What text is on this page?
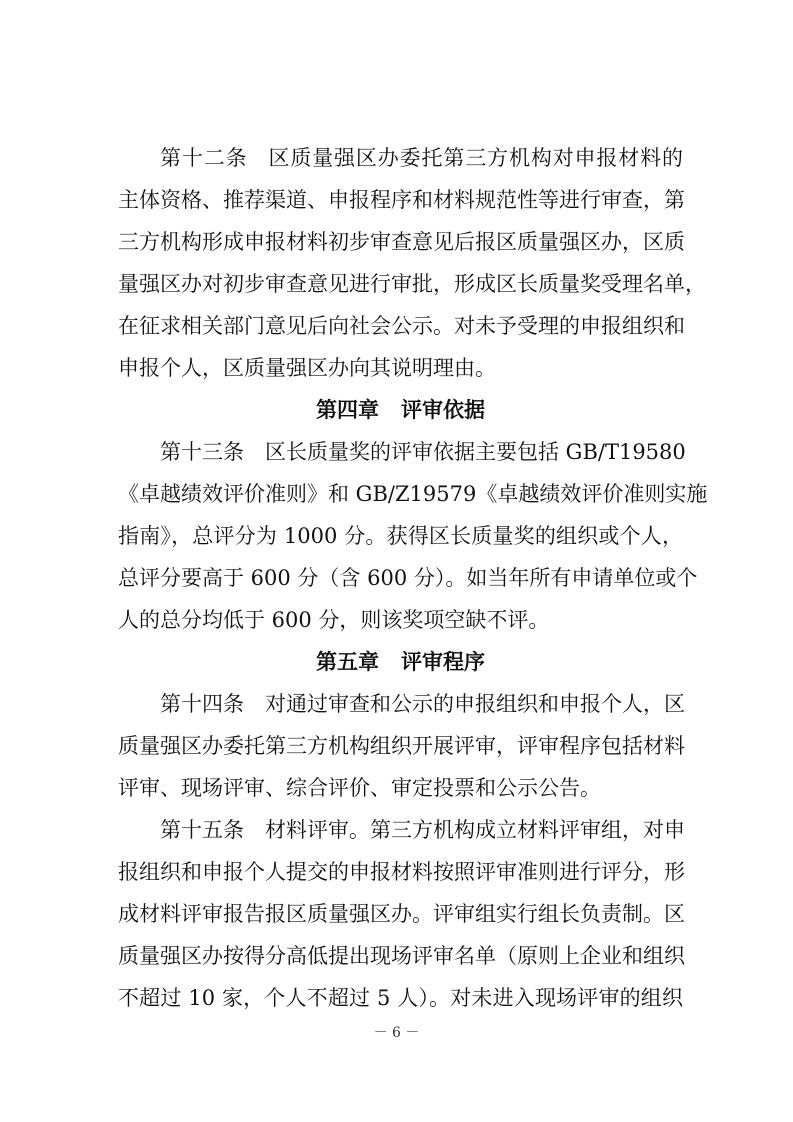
第十二条 区质量强区办委托第三方机构对申报材料的
主体资格、推荐渠道、申报程序和材料规范性等进行审查，第
三方机构形成申报材料初步审查意见后报区质量强区办，区质
量强区办对初步审查意见进行审批，形成区长质量奖受理名单，
在征求相关部门意见后向社会公示。对未予受理的申报组织和
申报个人，区质量强区办向其说明理由。
第四章 评审依据
第十三条 区长质量奖的评审依据主要包括 GB/T19580
《卓越绩效评价准则》和 GB/Z19579《卓越绩效评价准则实施
指南》，总评分为 1000 分。获得区长质量奖的组织或个人，
总评分要高于 600 分（含 600 分）。如当年所有申请单位或个
人的总分均低于 600 分，则该奖项空缺不评。
第五章 评审程序
第十四条 对通过审查和公示的申报组织和申报个人，区
质量强区办委托第三方机构组织开展评审，评审程序包括材料
评审、现场评审、综合评价、审定投票和公示公告。
第十五条 材料评审。第三方机构成立材料评审组，对申
报组织和申报个人提交的申报材料按照评审准则进行评分，形
成材料评审报告报区质量强区办。评审组实行组长负责制。区
质量强区办按得分高低提出现场评审名单（原则上企业和组织
不超过 10 家，个人不超过 5 人）。对未进入现场评审的组织
－ 6 －
